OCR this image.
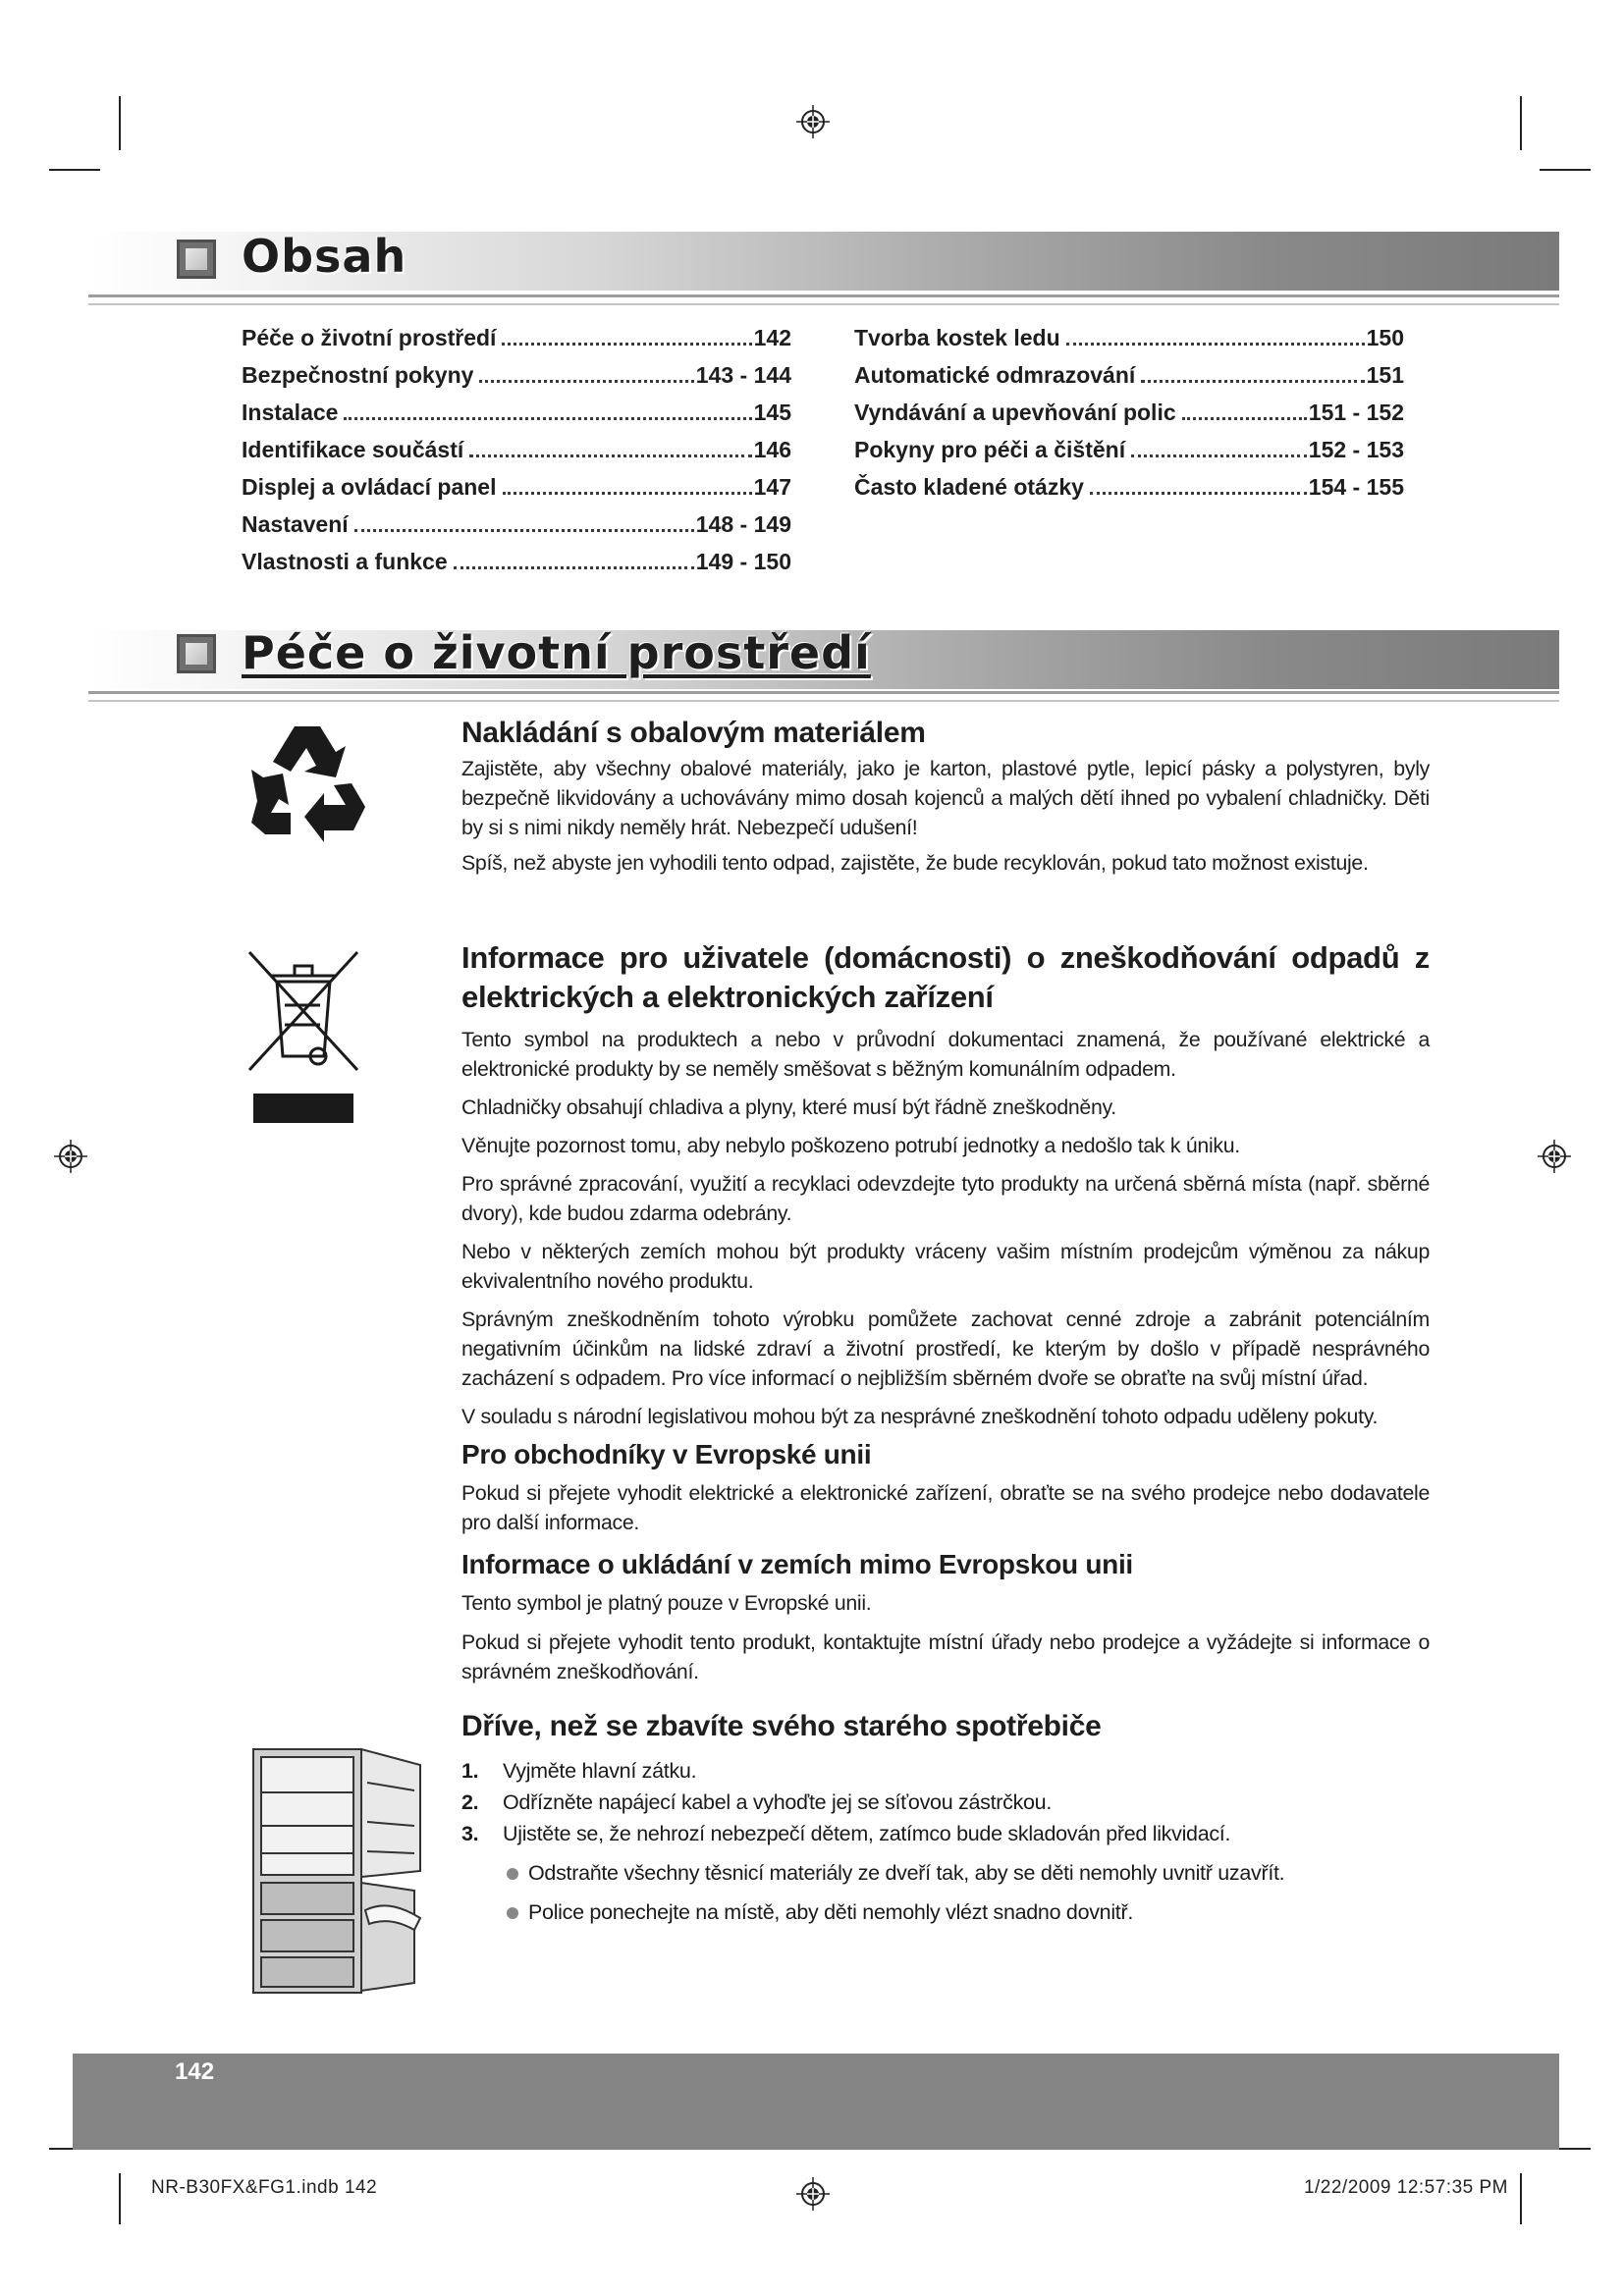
Obsah
Péče o životní prostředí	142
Bezpečnostní pokyny	143 - 144
Instalace	145
Identifikace součástí	146
Displej a ovládací panel	147
Nastavení	148 - 149
Vlastnosti a funkce	149 - 150
Tvorba kostek ledu	150
Automatické odmrazování	151
Vyndávání a upevňování polic	151 - 152
Pokyny pro péči a čištění	152 - 153
Často kladené otázky	154 - 155
Péče o životní prostředí
Nakládání s obalovým materiálem

Zajistěte, aby všechny obalové materiály, jako je karton, plastové pytle, lepicí pásky a polystyren, byly bezpečně likvidovány a uchovávány mimo dosah kojenců a malých dětí ihned po vybalení chladničky. Děti by si s nimi nikdy neměly hrát. Nebezpečí udušení!

Spíš, než abyste jen vyhodili tento odpad, zajistěte, že bude recyklován, pokud tato možnost existuje.

Informace pro uživatele (domácnosti) o zneškodňování odpadů z elektrických a elektronických zařízení

Tento symbol na produktech a nebo v průvodní dokumentaci znamená, že používané elektrické a elektronické produkty by se neměly směšovat s běžným komunálním odpadem.

Chladničky obsahují chladiva a plyny, které musí být řádně zneškodněny.

Věnujte pozornost tomu, aby nebylo poškozeno potrubí jednotky a nedošlo tak k úniku.

Pro správné zpracování, využití a recyklaci odevzdejte tyto produkty na určená sběrná místa (např. sběrné dvory), kde budou zdarma odebrány.

Nebo v některých zemích mohou být produkty vráceny vašim místním prodejcům výměnou za nákup ekvivalentního nového produktu.

Správným zneškodněním tohoto výrobku pomůžete zachovat cenné zdroje a zabránit potenciálním negativním účinkům na lidské zdraví a životní prostředí, ke kterým by došlo v případě nesprávného zacházení s odpadem. Pro více informací o nejbližším sběrném dvoře se obraťte na svůj místní úřad.

V souladu s národní legislativou mohou být za nesprávné zneškodnění tohoto odpadu uděleny pokuty.

Pro obchodníky v Evropské unii

Pokud si přejete vyhodit elektrické a elektronické zařízení, obraťte se na svého prodejce nebo dodavatele pro další informace.

Informace o ukládání v zemích mimo Evropskou unii

Tento symbol je platný pouze v Evropské unii.

Pokud si přejete vyhodit tento produkt, kontaktujte místní úřady nebo prodejce a vyžádejte si informace o správném zneškodňování.

Dříve, než se zbavíte svého starého spotřebiče
1.	Vyjměte hlavní zátku.
2.	Odřízněte napájecí kabel a vyhoďte jej se síťovou zástrčkou.
3.	Ujistěte se, že nehrozí nebezpečí dětem, zatímco bude skladován před likvidací.
Odstraňte všechny těsnicí materiály ze dveří tak, aby se děti nemohly uvnitř uzavřít.
Police ponechejte na místě, aby děti nemohly vlézt snadno dovnitř.
142
NR-B30FX&FG1.indb 142	1/22/2009 12:57:35 PM
